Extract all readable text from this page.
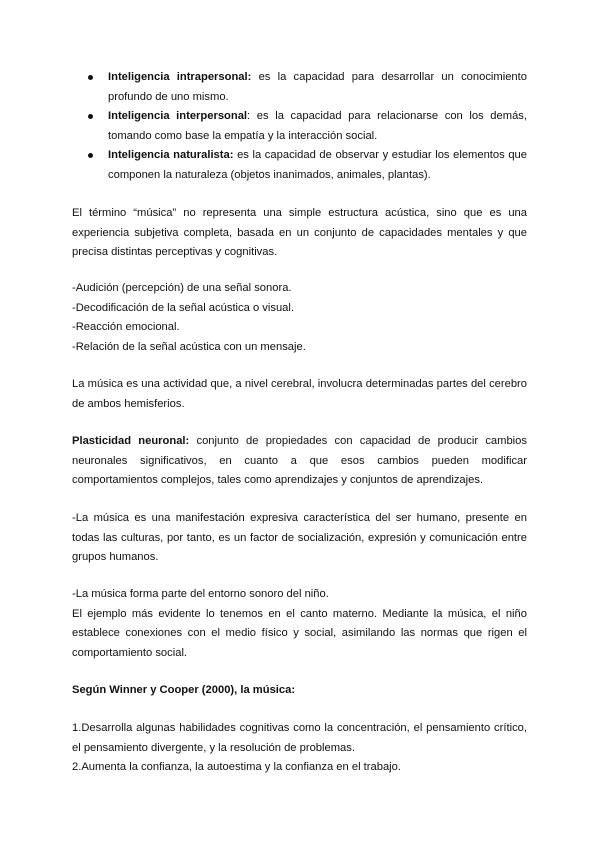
Inteligencia intrapersonal: es la capacidad para desarrollar un conocimiento profundo de uno mismo.
Inteligencia interpersonal: es la capacidad para relacionarse con los demás, tomando como base la empatía y la interacción social.
Inteligencia naturalista: es la capacidad de observar y estudiar los elementos que componen la naturaleza (objetos inanimados, animales, plantas).

El término “música” no representa una simple estructura acústica, sino que es una experiencia subjetiva completa, basada en un conjunto de capacidades mentales y que precisa distintas perceptivas y cognitivas.

-Audición (percepción) de una señal sonora.
-Decodificación de la señal acústica o visual.
-Reacción emocional.
-Relación de la señal acústica con un mensaje.

La música es una actividad que, a nivel cerebral, involucra determinadas partes del cerebro de ambos hemisferios.

Plasticidad neuronal: conjunto de propiedades con capacidad de producir cambios neuronales significativos, en cuanto a que esos cambios pueden modificar comportamientos complejos, tales como aprendizajes y conjuntos de aprendizajes.

-La música es una manifestación expresiva característica del ser humano, presente en todas las culturas, por tanto, es un factor de socialización, expresión y comunicación entre grupos humanos.

-La música forma parte del entorno sonoro del niño.

El ejemplo más evidente lo tenemos en el canto materno. Mediante la música, el niño establece conexiones con el medio físico y social, asimilando las normas que rigen el comportamiento social.

Según Winner y Cooper (2000), la música:

1.Desarrolla algunas habilidades cognitivas como la concentración, el pensamiento crítico, el pensamiento divergente, y la resolución de problemas.

2.Aumenta la confianza, la autoestima y la confianza en el trabajo.
